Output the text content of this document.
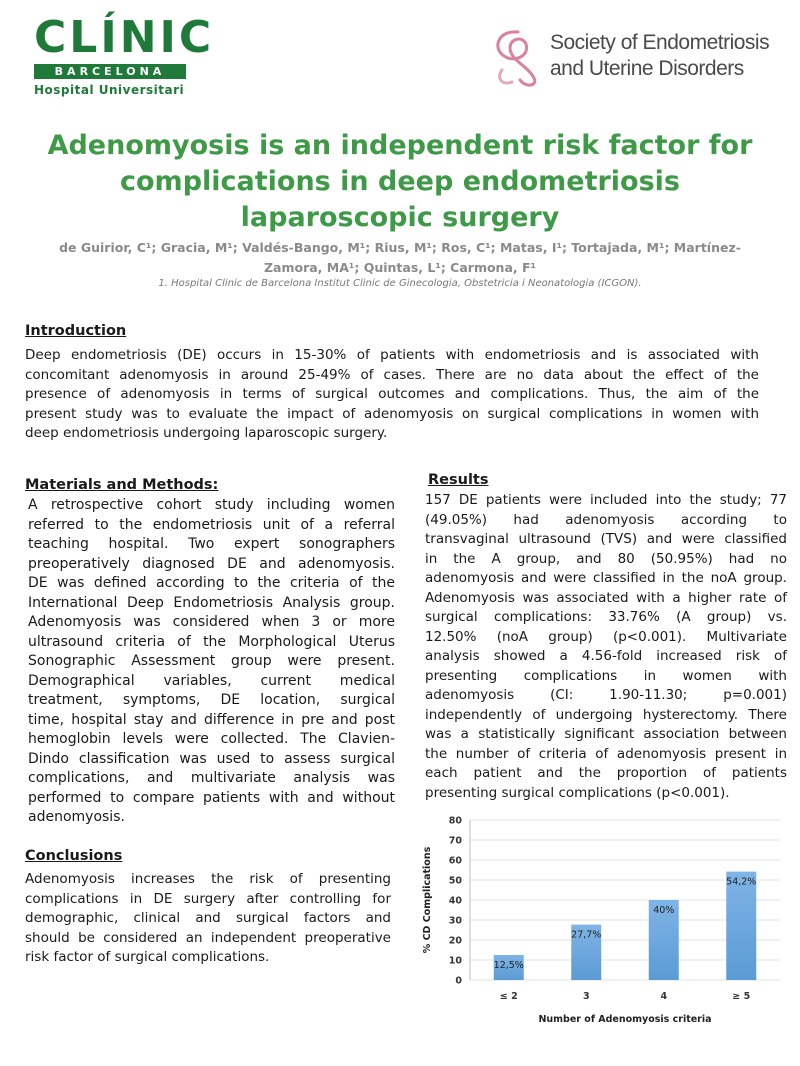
CLÍNIC
BARCELONA
Hospital Universitari
Society of Endometriosis
and Uterine Disorders
Adenomyosis is an independent risk factor for complications in deep endometriosis laparoscopic surgery
de Guirior, C¹; Gracia, M¹; Valdés-Bango, M¹; Rius, M¹; Ros, C¹; Matas, I¹; Tortajada, M¹; Martínez-
Zamora, MA¹; Quintas, L¹; Carmona, F¹
1. Hospital Clinic de Barcelona Institut Clinic de Ginecologia, Obstetricia i Neonatologia (ICGON).
Introduction
Deep endometriosis (DE) occurs in 15-30% of patients with endometriosis and is associated with
concomitant adenomyosis in around 25-49% of cases. There are no data about the effect of the
presence of adenomyosis in terms of surgical outcomes and complications. Thus, the aim of the
present study was to evaluate the impact of adenomyosis on surgical complications in women with
deep endometriosis undergoing laparoscopic surgery.
Materials and Methods:
A retrospective cohort study including women
referred to the endometriosis unit of a referral
teaching hospital. Two expert sonographers
preoperatively diagnosed DE and adenomyosis.
DE was defined according to the criteria of the
International Deep Endometriosis Analysis group.
Adenomyosis was considered when 3 or more
ultrasound criteria of the Morphological Uterus
Sonographic Assessment group were present.
Demographical variables, current medical
treatment, symptoms, DE location, surgical
time, hospital stay and difference in pre and post
hemoglobin levels were collected. The Clavien-
Dindo classification was used to assess surgical
complications, and multivariate analysis was
performed to compare patients with and without
adenomyosis.
Conclusions
Adenomyosis increases the risk of presenting
complications in DE surgery after controlling for
demographic, clinical and surgical factors and
should be considered an independent preoperative
risk factor of surgical complications.
Results
157 DE patients were included into the study; 77
(49.05%) had adenomyosis according to
transvaginal ultrasound (TVS) and were classified
in the A group, and 80 (50.95%) had no
adenomyosis and were classified in the noA group.
Adenomyosis was associated with a higher rate of
surgical complications: 33.76% (A group) vs.
12.50% (noA group) (p<0.001). Multivariate
analysis showed a 4.56-fold increased risk of
presenting complications in women with
adenomyosis (CI: 1.90-11.30; p=0.001)
independently of undergoing hysterectomy. There
was a statistically significant association between
the number of criteria of adenomyosis present in
each patient and the proportion of patients
presenting surgical complications (p<0.001).
0
10
20
30
40
50
60
70
80
12,5%
≤ 2
27,7%
3
40%
4
54,2%
≥ 5
Number of Adenomyosis criteria
% CD Complications
